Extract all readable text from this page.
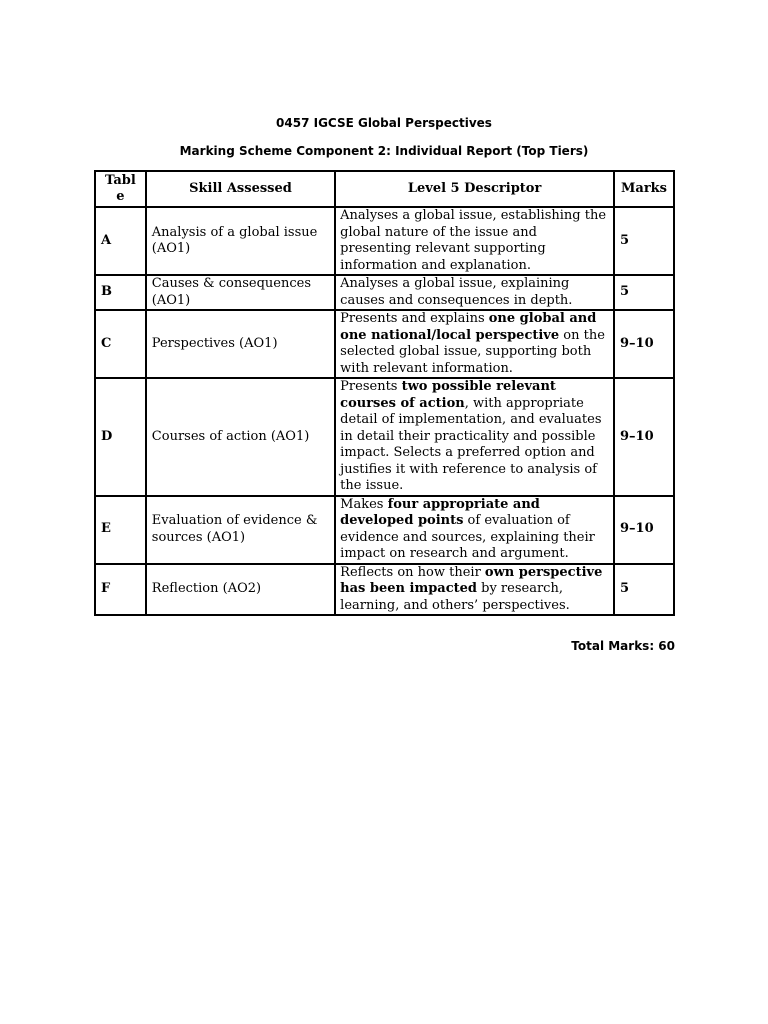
0457 IGCSE Global Perspectives
Marking Scheme Component 2: Individual Report (Top Tiers)
Table	Skill Assessed	Level 5 Descriptor	Marks
A	Analysis of a global issue (AO1)	Analyses a global issue, establishing the global nature of the issue and presenting relevant supporting information and explanation.	5
B	Causes & consequences (AO1)	Analyses a global issue, explaining causes and consequences in depth.	5
C	Perspectives (AO1)	Presents and explains one global and one national/local perspective on the selected global issue, supporting both with relevant information.	9–10
D	Courses of action (AO1)	Presents two possible relevant courses of action, with appropriate detail of implementation, and evaluates in detail their practicality and possible impact. Selects a preferred option and justifies it with reference to analysis of the issue.	9–10
E	Evaluation of evidence & sources (AO1)	Makes four appropriate and developed points of evaluation of evidence and sources, explaining their impact on research and argument.	9–10
F	Reflection (AO2)	Reflects on how their own perspective has been impacted by research, learning, and others’ perspectives.	5
Total Marks: 60
